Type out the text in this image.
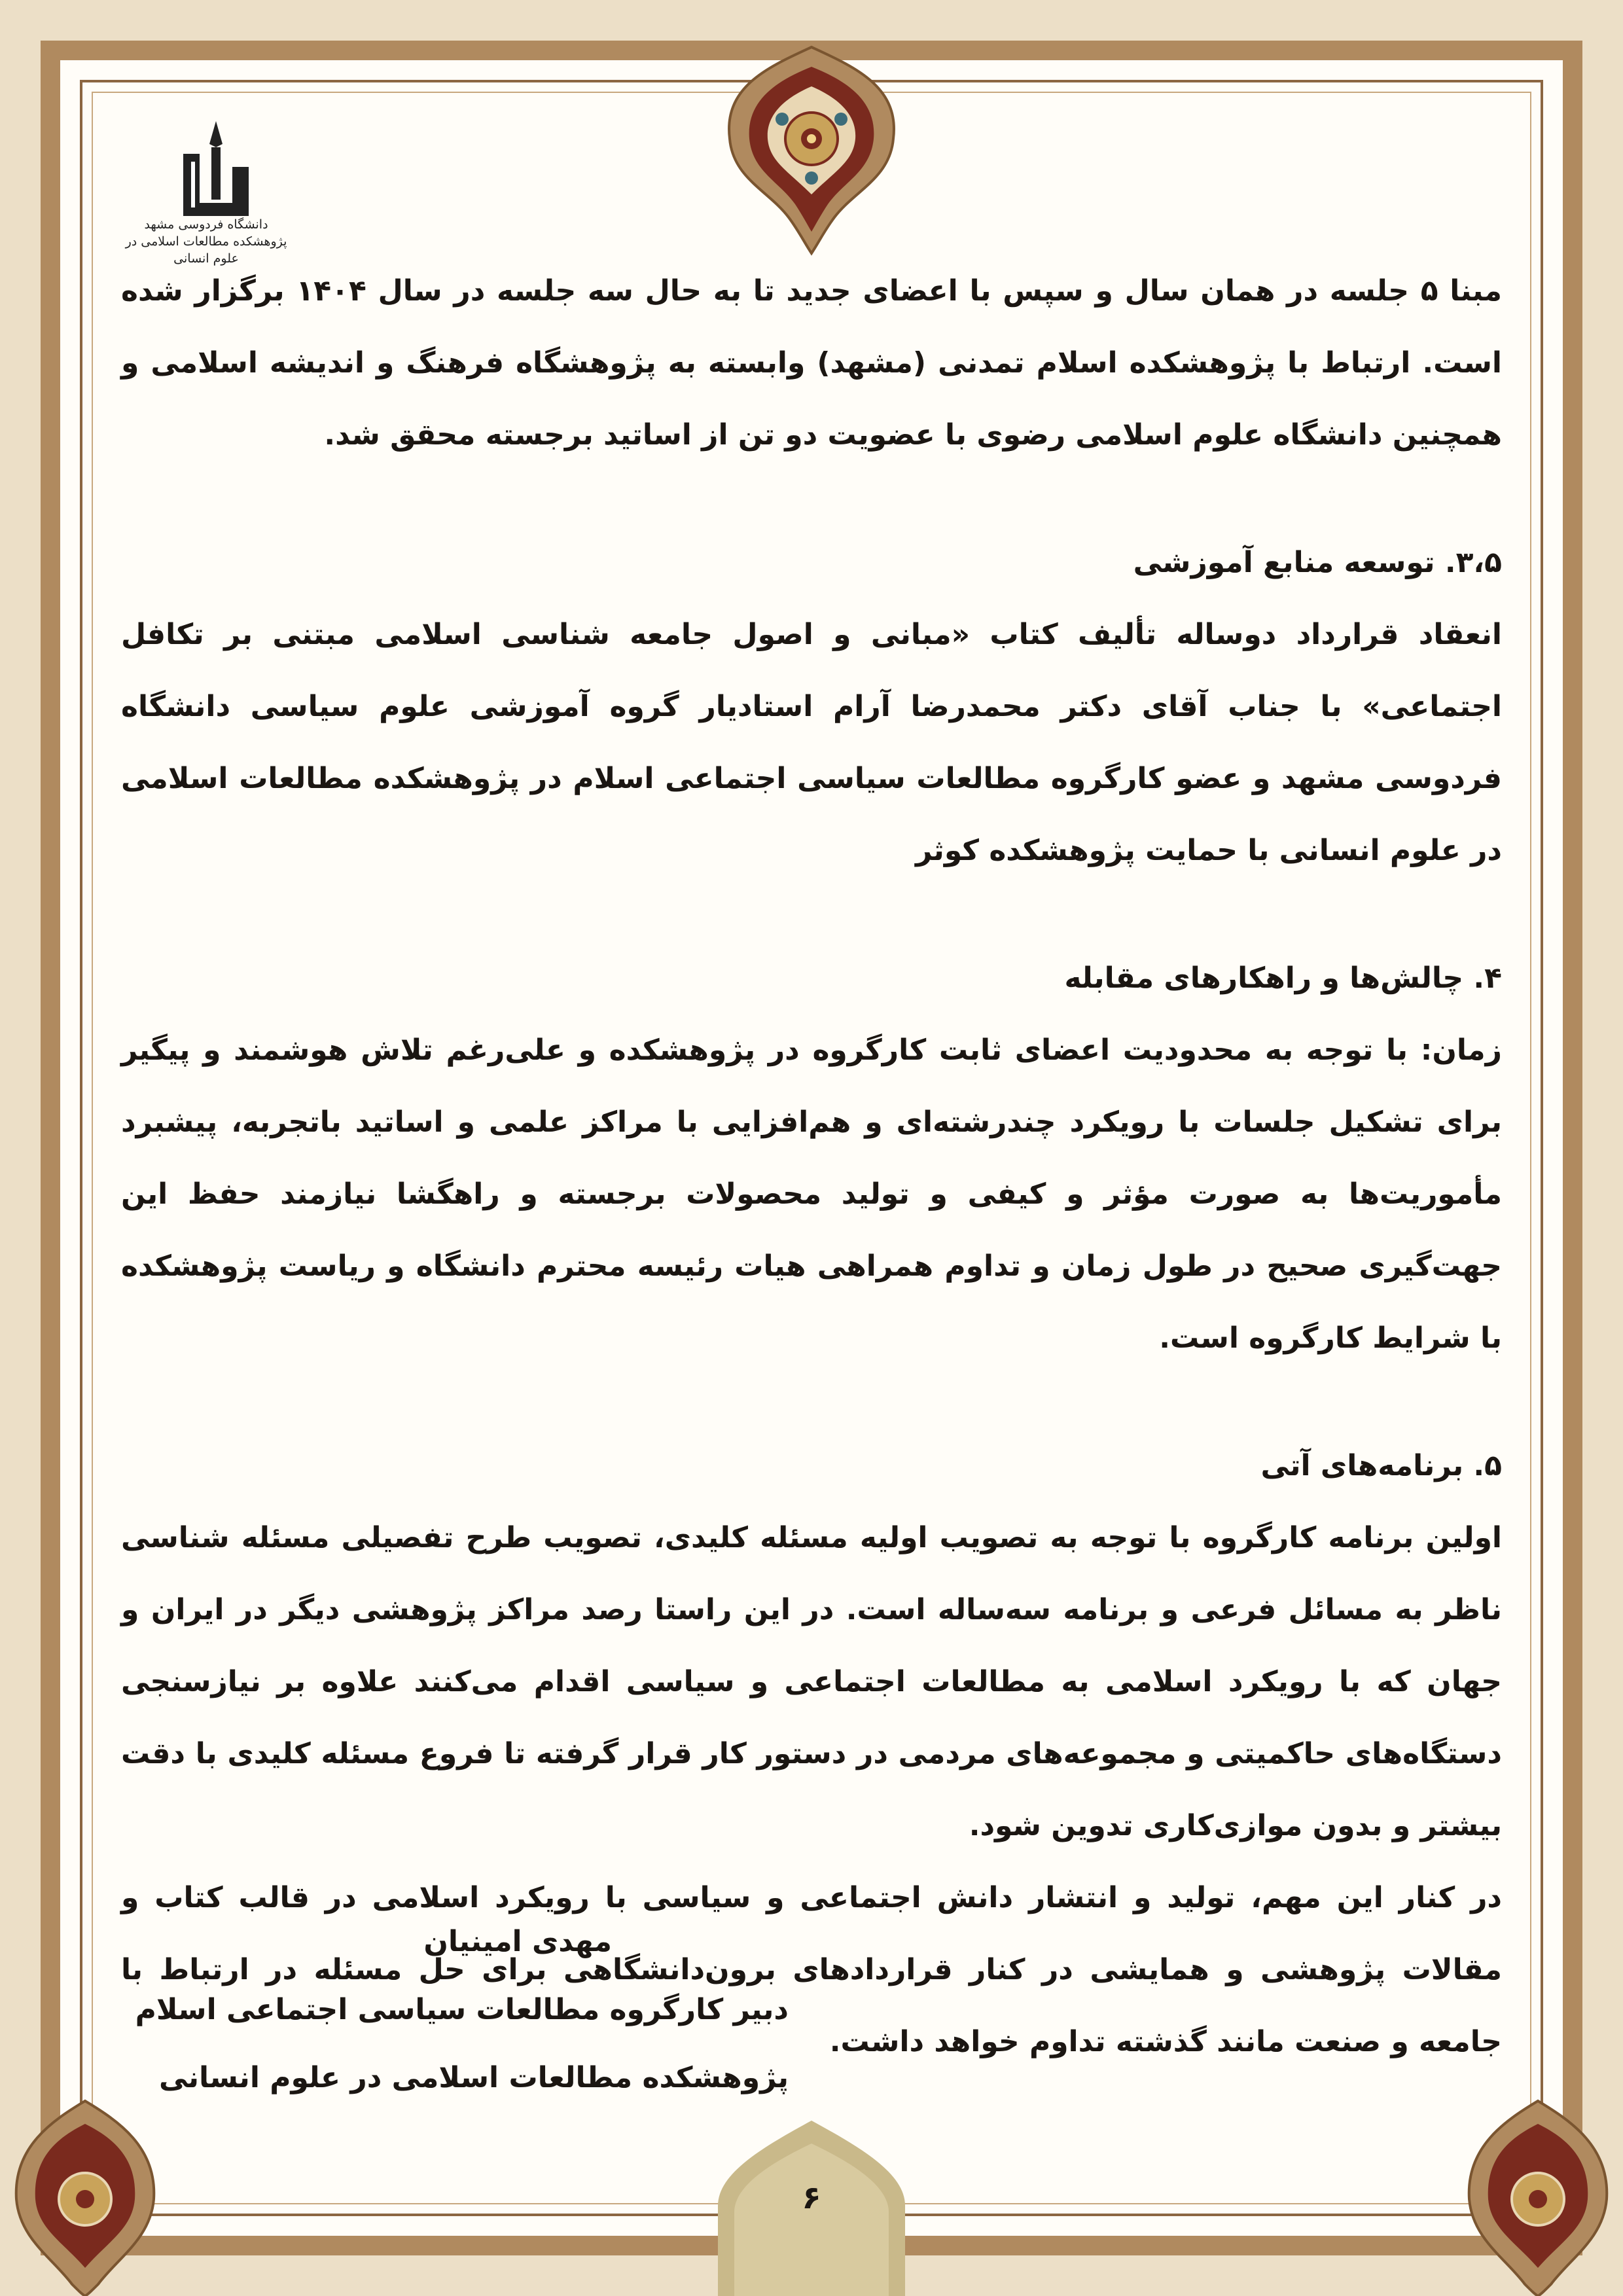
دانشگاه فردوسی مشهد
پژوهشکده مطالعات اسلامی در علوم انسانی

مبنا ۵ جلسه در همان سال و سپس با اعضای جدید تا به حال سه جلسه در سال ۱۴۰۴ برگزار شده است. ارتباط با پژوهشکده اسلام تمدنی (مشهد) وابسته به پژوهشگاه فرهنگ و اندیشه اسلامی و همچنین دانشگاه علوم اسلامی رضوی با عضویت دو تن از اساتید برجسته محقق شد.

۳،۵. توسعه منابع آموزشی

انعقاد قرارداد دوساله تألیف کتاب «مبانی و اصول جامعه شناسی اسلامی مبتنی بر تکافل اجتماعی» با جناب آقای دکتر محمدرضا آرام استادیار گروه آموزشی علوم سیاسی دانشگاه فردوسی مشهد و عضو کارگروه مطالعات سیاسی اجتماعی اسلام در پژوهشکده مطالعات اسلامی در علوم انسانی با حمایت پژوهشکده کوثر

۴. چالش‌ها و راهکارهای مقابله

زمان: با توجه به محدودیت اعضای ثابت کارگروه در پژوهشکده و علی‌رغم تلاش هوشمند و پیگیر برای تشکیل جلسات با رویکرد چندرشته‌ای و هم‌افزایی با مراکز علمی و اساتید باتجربه، پیشبرد مأموریت‌ها به صورت مؤثر و کیفی و تولید محصولات برجسته و راهگشا نیازمند حفظ این جهت‌گیری صحیح در طول زمان و تداوم همراهی هیات رئیسه محترم دانشگاه و ریاست پژوهشکده با شرایط کارگروه است.

۵. برنامه‌های آتی

اولین برنامه کارگروه با توجه به تصویب اولیه مسئله کلیدی، تصویب طرح تفصیلی مسئله شناسی ناظر به مسائل فرعی و برنامه سه‌ساله است. در این راستا رصد مراکز پژوهشی دیگر در ایران و جهان که با رویکرد اسلامی به مطالعات اجتماعی و سیاسی اقدام می‌کنند علاوه بر نیازسنجی دستگاه‌های حاکمیتی و مجموعه‌های مردمی در دستور کار قرار گرفته تا فروع مسئله کلیدی با دقت بیشتر و بدون موازی‌کاری تدوین شود.

در کنار این مهم، تولید و انتشار دانش اجتماعی و سیاسی با رویکرد اسلامی در قالب کتاب و مقالات پژوهشی و همایشی در کنار قراردادهای برون‌دانشگاهی برای حل مسئله در ارتباط با جامعه و صنعت مانند گذشته تداوم خواهد داشت.

مهدی امینیان

دبیر کارگروه مطالعات سیاسی اجتماعی اسلام

پژوهشکده مطالعات اسلامی در علوم انسانی

۶
